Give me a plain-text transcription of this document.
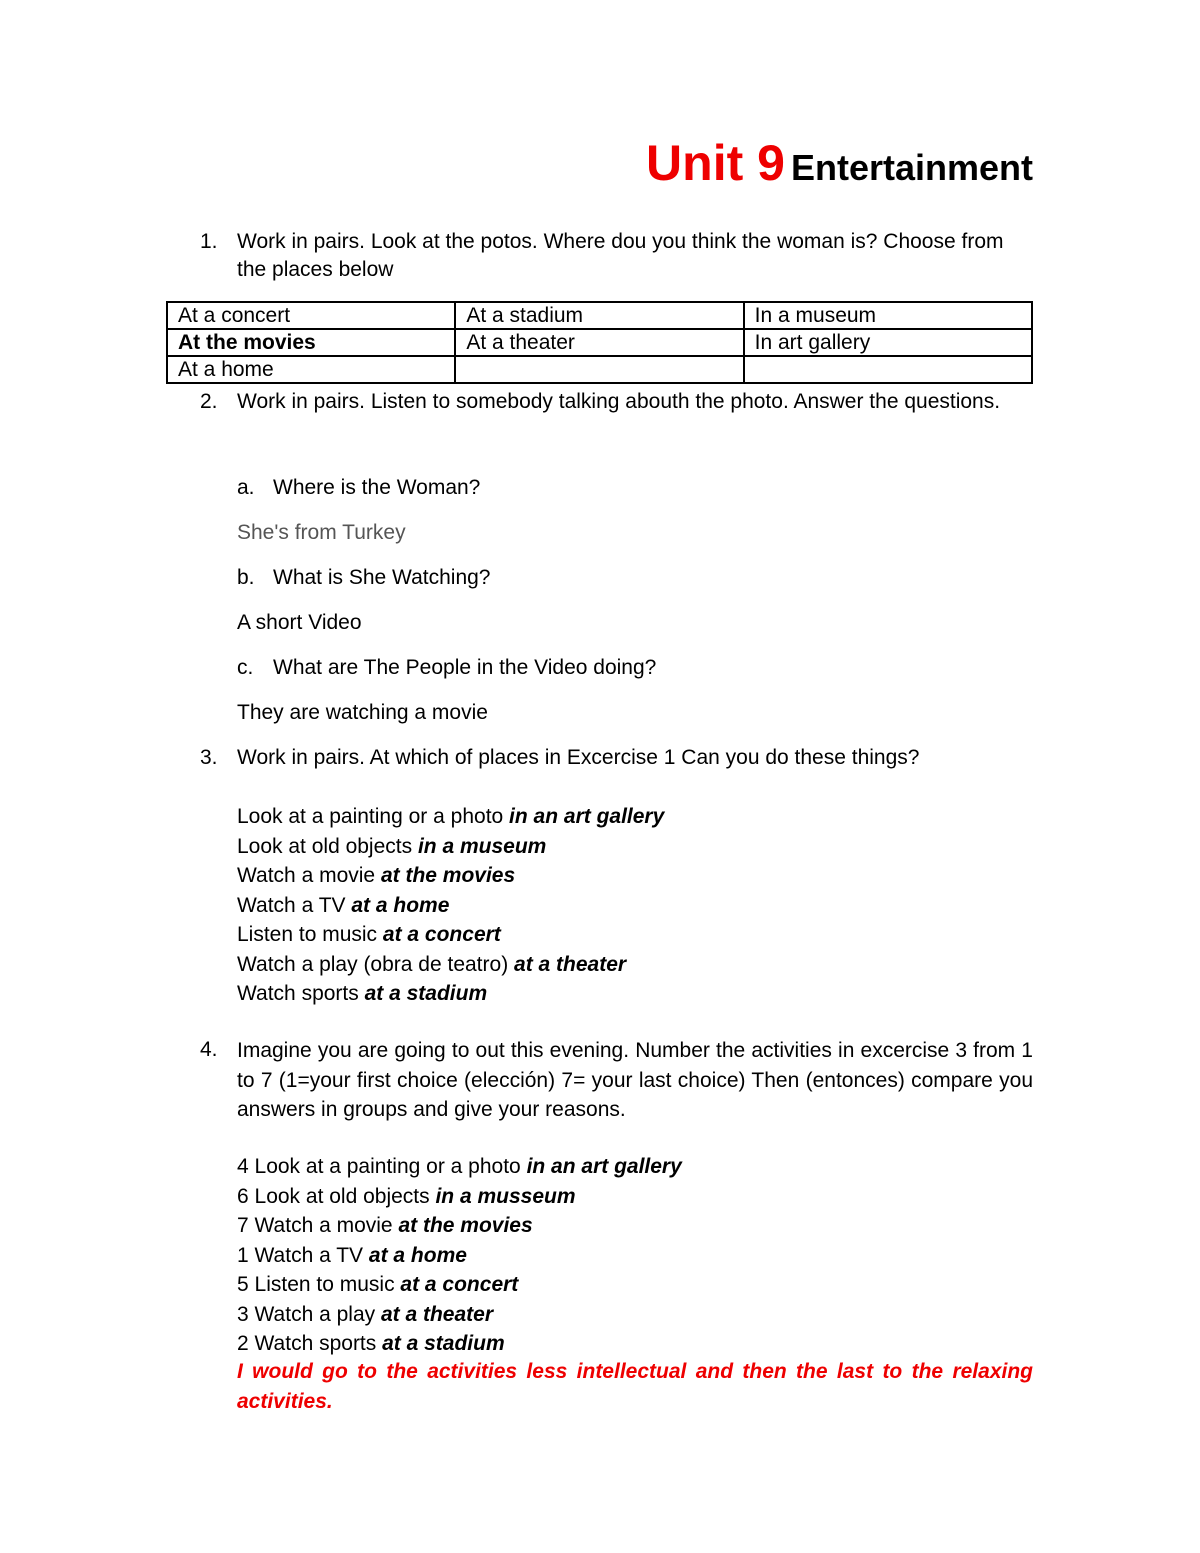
Unit 9 Entertainment
1. Work in pairs. Look at the potos. Where dou you think the woman is? Choose from the places below
At a concert	At a stadium	In a museum
At the movies	At a theater	In art gallery
At a home		
2. Work in pairs. Listen to somebody talking abouth the photo. Answer the questions.
a. Where is the Woman?
She's from Turkey
b. What is She Watching?
A short Video
c. What are The People in the Video doing?
They are watching a movie
3. Work in pairs. At which of places in Excercise 1 Can you do these things?
Look at a painting or a photo in an art gallery
Look at old objects in a museum
Watch a movie at the movies
Watch a TV at a home
Listen to music at a concert
Watch a play (obra de teatro) at a theater
Watch sports at a stadium
4. Imagine you are going to out this evening. Number the activities in excercise 3 from 1 to 7 (1=your first choice (elección) 7= your last choice) Then (entonces) compare you answers in groups and give your reasons.
4 Look at a painting or a photo in an art gallery
6 Look at old objects in a musseum
7 Watch a movie at the movies
1 Watch a TV at a home
5 Listen to music at a concert
3 Watch a play at a theater
2 Watch sports at a stadium
I would go to the activities less intellectual and then the last to the relaxing activities.
